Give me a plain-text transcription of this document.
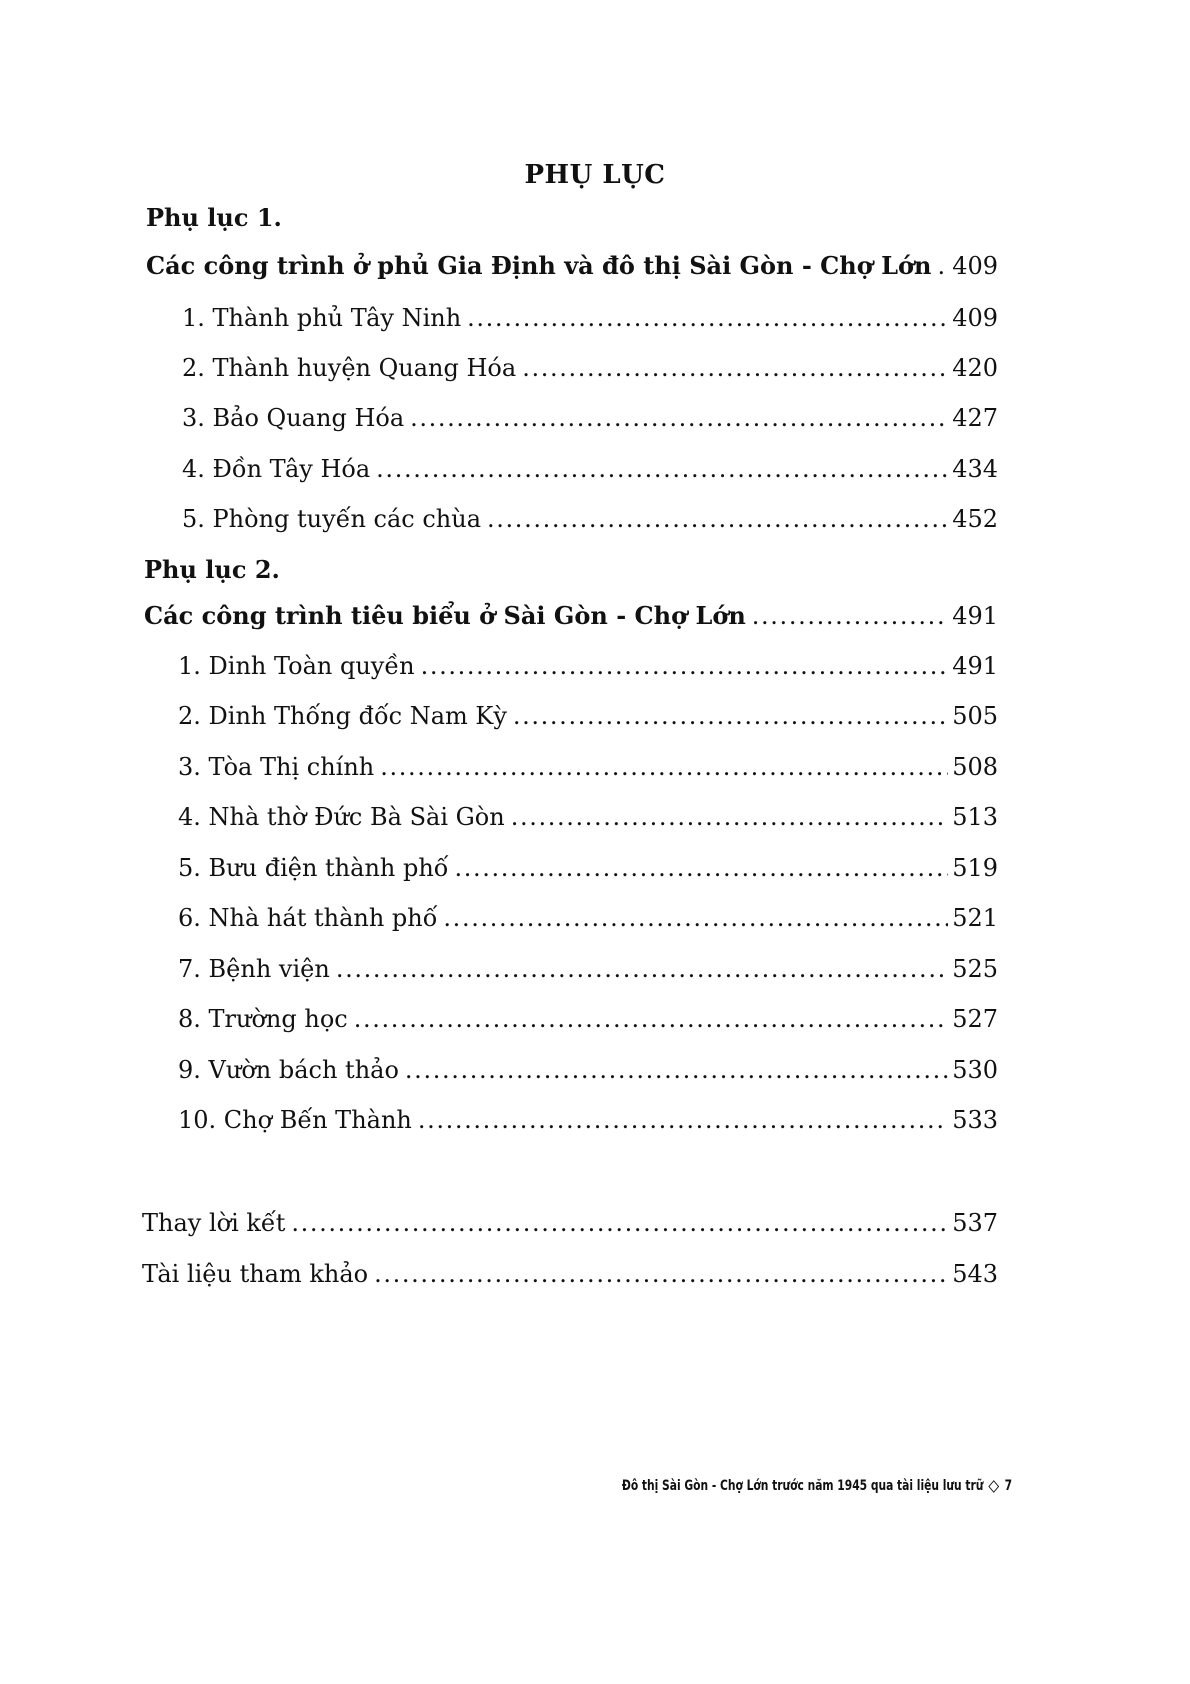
PHỤ LỤC
Phụ lục 1.
Các công trình ở phủ Gia Định và đô thị Sài Gòn - Chợ Lớn . . . 409
1. Thành phủ Tây Ninh . . .	409
2. Thành huyện Quang Hóa . . .	420
3. Bảo Quang Hóa . . .	427
4. Đồn Tây Hóa . . .	434
5. Phòng tuyến các chùa . . .	452
Phụ lục 2.
Các công trình tiêu biểu ở Sài Gòn - Chợ Lớn . . .	491
1. Dinh Toàn quyền . . .	491
2. Dinh Thống đốc Nam Kỳ . . .	505
3. Tòa Thị chính . . .	508
4. Nhà thờ Đức Bà Sài Gòn . . .	513
5. Bưu điện thành phố . . .	519
6. Nhà hát thành phố . . .	521
7. Bệnh viện . . .	525
8. Trường học . . .	527
9. Vườn bách thảo . . .	530
10. Chợ Bến Thành . . .	533
Thay lời kết . . .	537
Tài liệu tham khảo . . .	543
Đô thị Sài Gòn - Chợ Lớn trước năm 1945 qua tài liệu lưu trữ 7
